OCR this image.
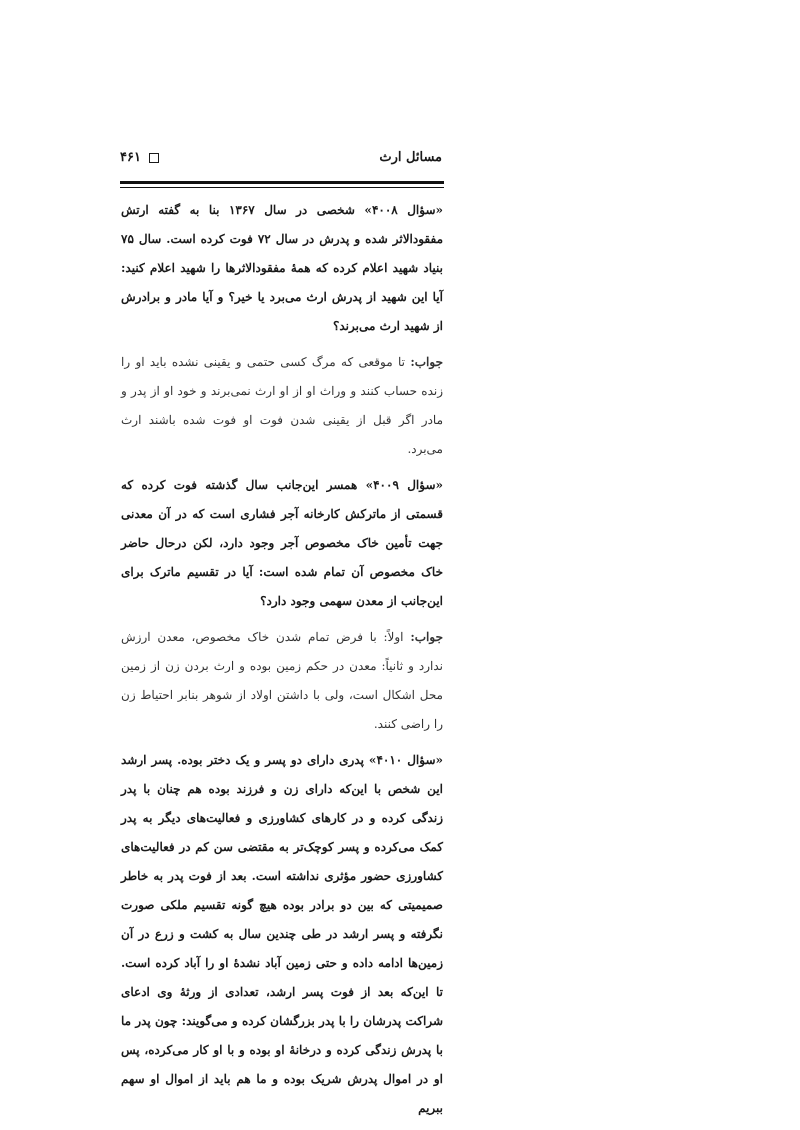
مسائل ارث
۴۶۱

«سؤال ۴۰۰۸» شخصی در سال ۱۳۶۷ بنا به گفته ارتش مفقودالاثر شده و پدرش در سال ۷۲ فوت کرده است. سال ۷۵ بنیاد شهید اعلام کرده که همهٔ مفقودالاثرها را شهید اعلام کنید: آیا این شهید از پدرش ارث می‌برد یا خیر؟ و آیا مادر و برادرش از شهید ارث می‌برند؟

جواب: تا موقعی که مرگ کسی حتمی و یقینی نشده باید او را زنده حساب کنند و وراث او از او ارث نمی‌برند و خود او از پدر و مادر اگر قبل از یقینی شدن فوت او فوت شده باشند ارث می‌برد.

«سؤال ۴۰۰۹» همسر این‌جانب سال گذشته فوت کرده که قسمتی از ماترکش کارخانه آجر فشاری است که در آن معدنی جهت تأمین خاک مخصوص آجر وجود دارد، لکن درحال حاضر خاک مخصوص آن تمام شده است: آیا در تقسیم ماترک برای این‌جانب از معدن سهمی وجود دارد؟

جواب: اولاً: با فرض تمام شدن خاک مخصوص، معدن ارزش ندارد و ثانیاً: معدن در حکم زمین بوده و ارث بردن زن از زمین محل اشکال است، ولی با داشتن اولاد از شوهر بنابر احتیاط زن را راضی کنند.

«سؤال ۴۰۱۰» پدری دارای دو پسر و یک دختر بوده. پسر ارشد این شخص با این‌که دارای زن و فرزند بوده هم چنان با پدر زندگی کرده و در کارهای کشاورزی و فعالیت‌های دیگر به پدر کمک می‌کرده و پسر کوچک‌تر به مقتضی سن کم در فعالیت‌های کشاورزی حضور مؤثری نداشته است. بعد از فوت پدر به خاطر صمیمیتی که بین دو برادر بوده هیچ گونه تقسیم ملکی صورت نگرفته و پسر ارشد در طی چندین سال به کشت و زرع در آن زمین‌ها ادامه داده و حتی زمین آباد نشدهٔ او را آباد کرده است. تا این‌که بعد از فوت پسر ارشد، تعدادی از ورثهٔ وی ادعای شراکت پدرشان را با پدر بزرگشان کرده و می‌گویند: چون پدر ما با پدرش زندگی کرده و درخانهٔ او بوده و با او کار می‌کرده، پس او در اموال پدرش شریک بوده و ما هم باید از اموال او سهم ببریم
